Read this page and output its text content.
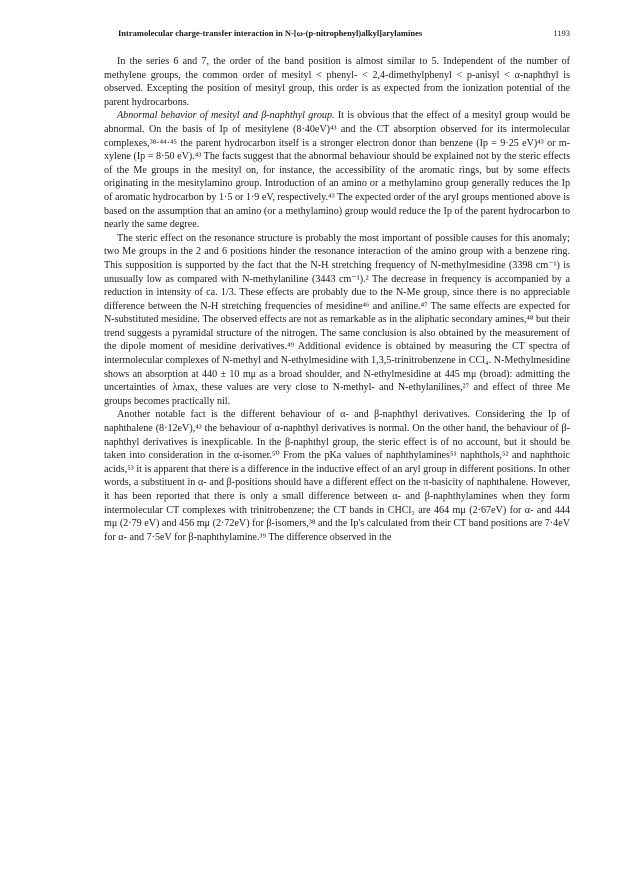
Intramolecular charge-transfer interaction in N-[ω-(p-nitrophenyl)alkyl]arylamines	1193

In the series 6 and 7, the order of the band position is almost similar to 5. Independent of the number of methylene groups, the common order of mesityl < phenyl- < 2,4-dimethylphenyl < p-anisyl < α-naphthyl is observed. Excepting the position of mesityl group, this order is as expected from the ionization potential of the parent hydrocarbons.

Abnormal behavior of mesityl and β-naphthyl group. It is obvious that the effect of a mesityl group would be abnormal. On the basis of Ip of mesitylene (8·40eV)⁴³ and the CT absorption observed for its intermolecular complexes,³⁸·⁴⁴·⁴⁵ the parent hydrocarbon itself is a stronger electron donor than benzene (Ip = 9·25 eV)⁴³ or m-xylene (Ip = 8·50 eV).⁴³ The facts suggest that the abnormal behaviour should be explained not by the steric effects of the Me groups in the mesityl on, for instance, the accessibility of the aromatic rings, but by some effects originating in the mesitylamino group. Introduction of an amino or a methylamino group generally reduces the Ip of aromatic hydrocarbon by 1·5 or 1·9 eV, respectively.⁴³ The expected order of the aryl groups mentioned above is based on the assumption that an amino (or a methylamino) group would reduce the Ip of the parent hydrocarbon to nearly the same degree.

The steric effect on the resonance structure is probably the most important of possible causes for this anomaly; two Me groups in the 2 and 6 positions hinder the resonance interaction of the amino group with a benzene ring. This supposition is supported by the fact that the N-H stretching frequency of N-methylmesidine (3398 cm⁻¹) is unusually low as compared with N-methylaniline (3443 cm⁻¹).² The decrease in frequency is accompanied by a reduction in intensity of ca. 1/3. These effects are probably due to the N-Me group, since there is no appreciable difference between the N-H stretching frequencies of mesidine⁴⁶ and aniline.⁴⁷ The same effects are expected for N-substituted mesidine. The observed effects are not as remarkable as in the aliphatic secondary amines,⁴⁸ but their trend suggests a pyramidal structure of the nitrogen. The same conclusion is also obtained by the measurement of the dipole moment of mesidine derivatives.⁴⁹ Additional evidence is obtained by measuring the CT spectra of intermolecular complexes of N-methyl and N-ethylmesidine with 1,3,5-trinitrobenzene in CCl₄. N-Methylmesidine shows an absorption at 440 ± 10 mμ as a broad shoulder, and N-ethylmesidine at 445 mμ (broad): admitting the uncertainties of λmax, these values are very close to N-methyl- and N-ethylanilines,²⁷ and effect of three Me groups becomes practically nil.

Another notable fact is the different behaviour of α- and β-naphthyl derivatives. Considering the Ip of naphthalene (8·12eV),⁴³ the behaviour of α-naphthyl derivatives is normal. On the other hand, the behaviour of β-naphthyl derivatives is inexplicable. In the β-naphthyl group, the steric effect is of no account, but it should be taken into consideration in the α-isomer.⁵⁰ From the pKa values of naphthylamines⁵¹ naphthols,⁵² and naphthoic acids,⁵³ it is apparent that there is a difference in the inductive effect of an aryl group in different positions. In other words, a substituent in α- and β-positions should have a different effect on the π-basicity of naphthalene. However, it has been reported that there is only a small difference between α- and β-naphthylamines when they form intermolecular CT complexes with trinitrobenzene; the CT bands in CHCl₃ are 464 mμ (2·67eV) for α- and 444 mμ (2·79 eV) and 456 mμ (2·72eV) for β-isomers,³⁸ and the Ip's calculated from their CT band positions are 7·4eV for α- and 7·5eV for β-naphthylamine.³⁹ The difference observed in the
